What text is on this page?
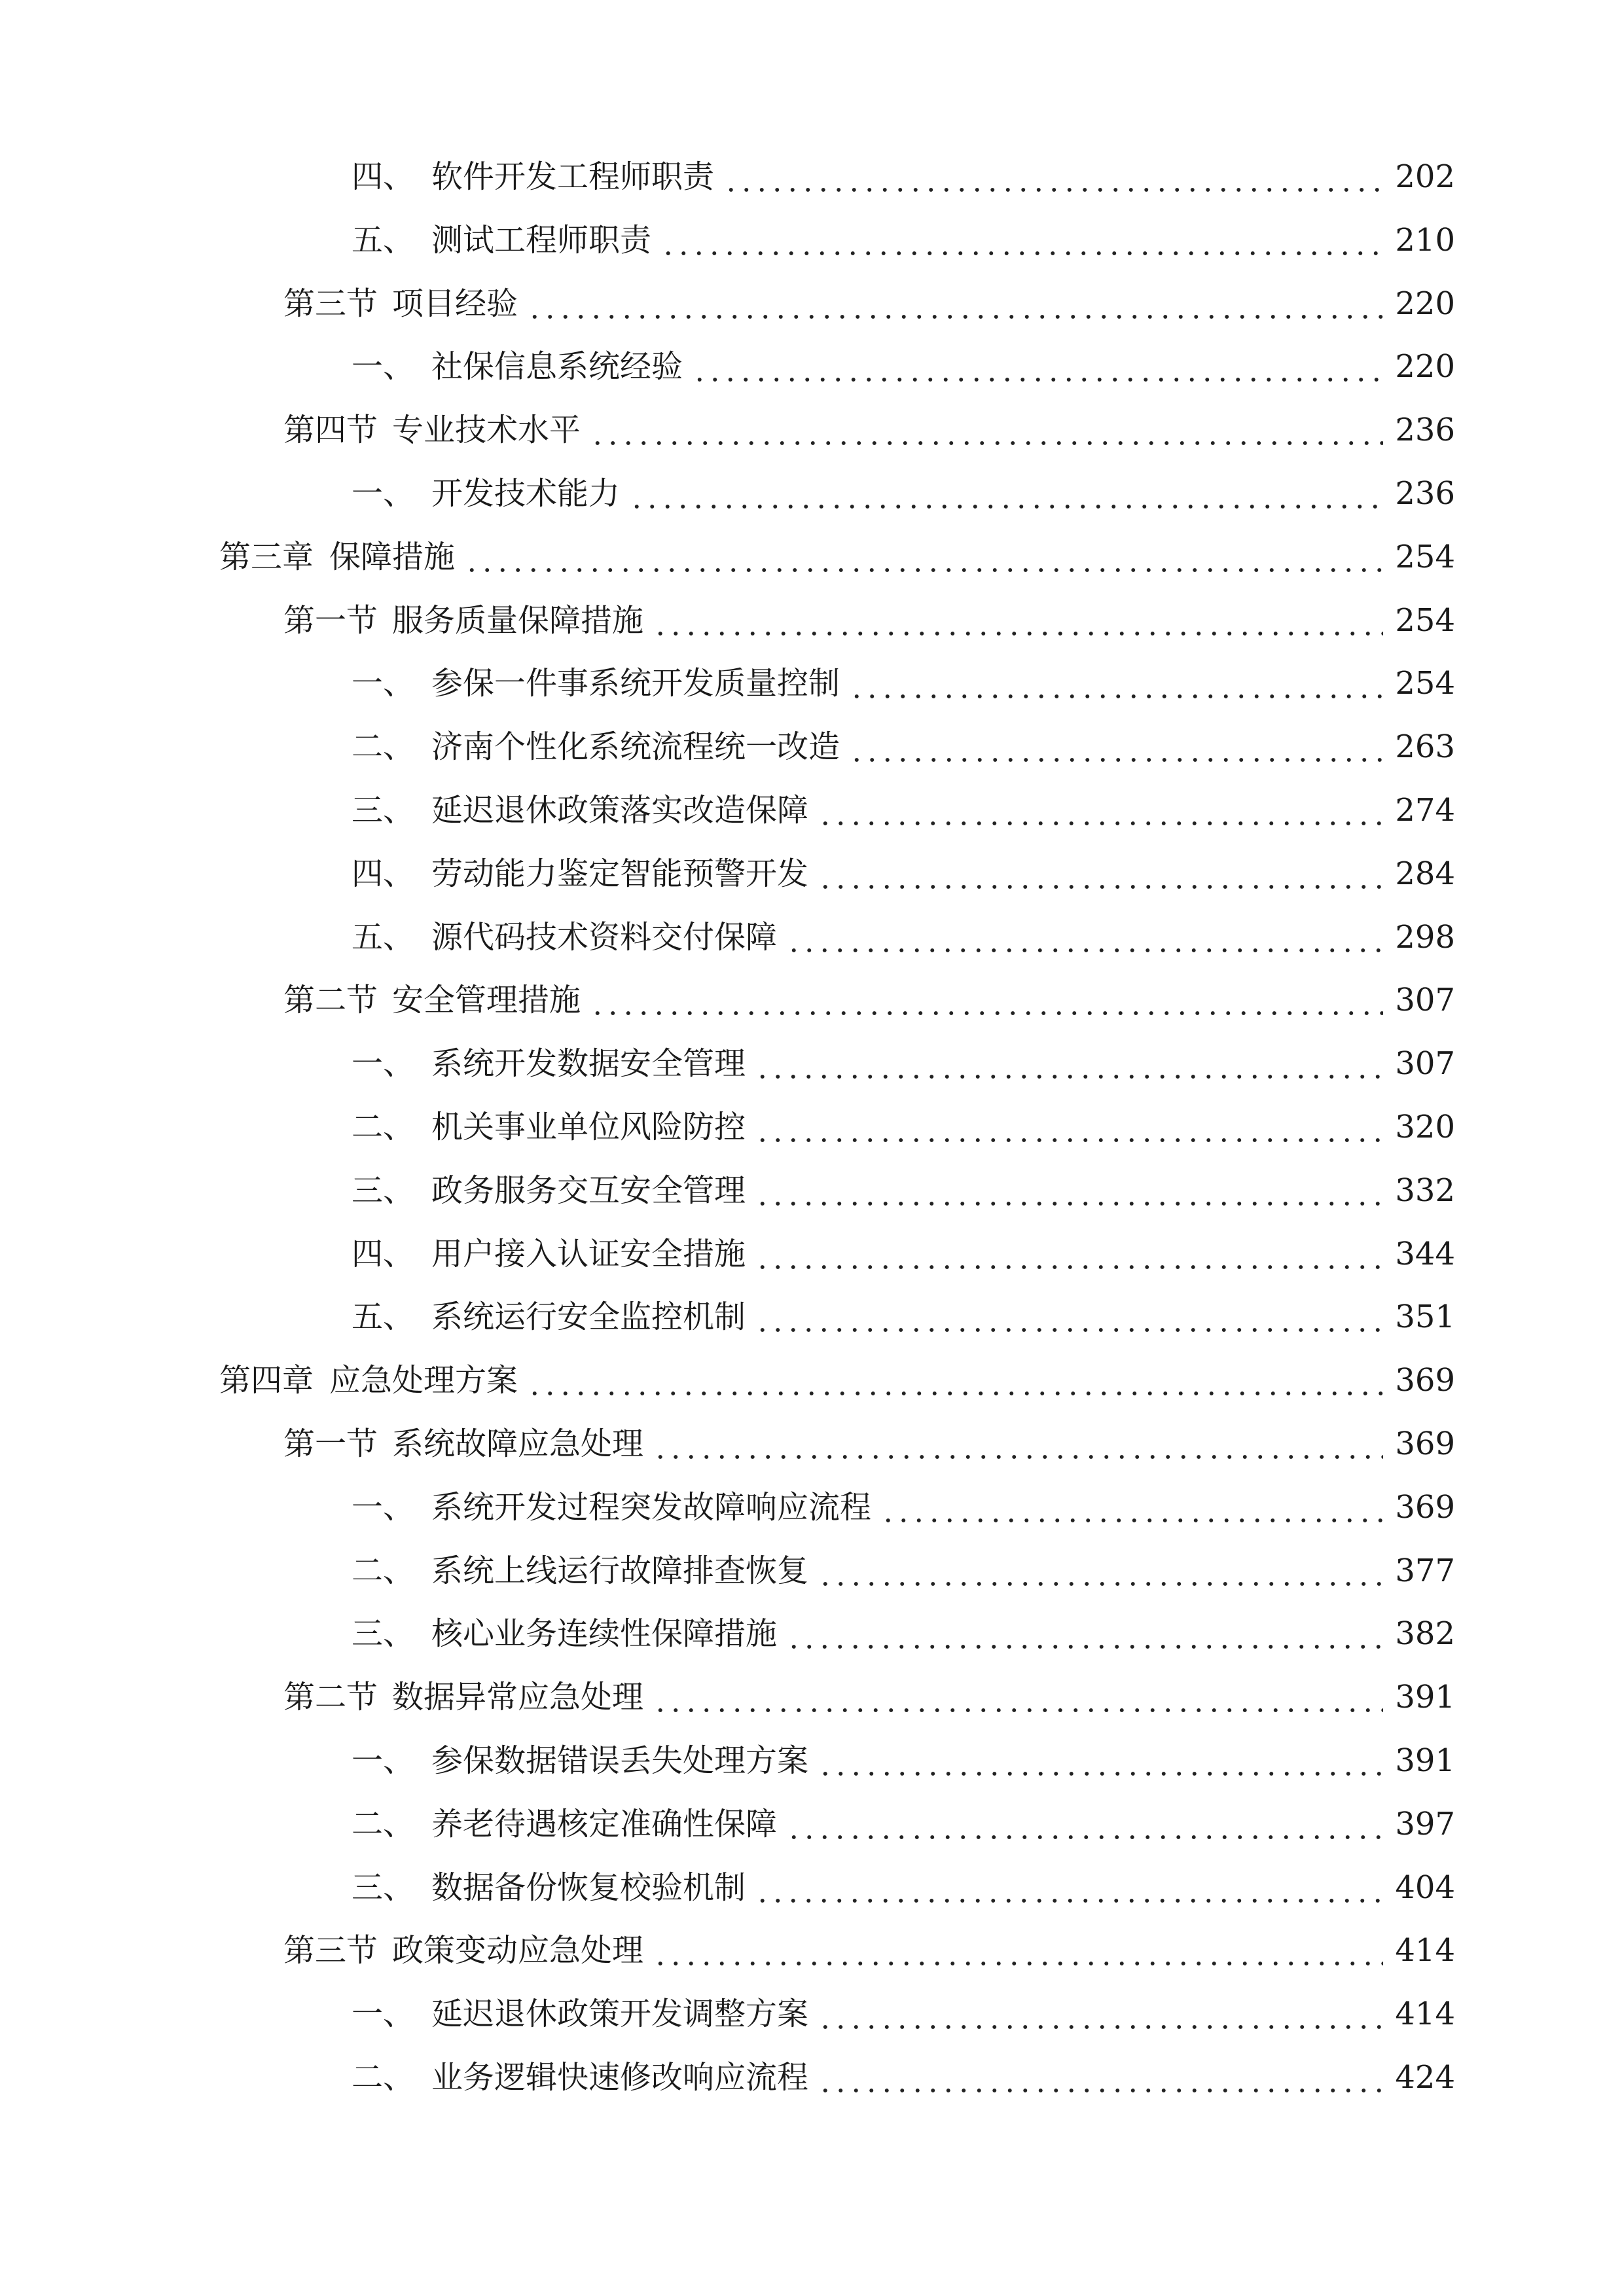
四、 软件开发工程师职责	202
五、 测试工程师职责	210
第三节 项目经验	220
一、 社保信息系统经验	220
第四节 专业技术水平	236
一、 开发技术能力	236
第三章 保障措施	254
第一节 服务质量保障措施	254
一、 参保一件事系统开发质量控制	254
二、 济南个性化系统流程统一改造	263
三、 延迟退休政策落实改造保障	274
四、 劳动能力鉴定智能预警开发	284
五、 源代码技术资料交付保障	298
第二节 安全管理措施	307
一、 系统开发数据安全管理	307
二、 机关事业单位风险防控	320
三、 政务服务交互安全管理	332
四、 用户接入认证安全措施	344
五、 系统运行安全监控机制	351
第四章 应急处理方案	369
第一节 系统故障应急处理	369
一、 系统开发过程突发故障响应流程	369
二、 系统上线运行故障排查恢复	377
三、 核心业务连续性保障措施	382
第二节 数据异常应急处理	391
一、 参保数据错误丢失处理方案	391
二、 养老待遇核定准确性保障	397
三、 数据备份恢复校验机制	404
第三节 政策变动应急处理	414
一、 延迟退休政策开发调整方案	414
二、 业务逻辑快速修改响应流程	424
